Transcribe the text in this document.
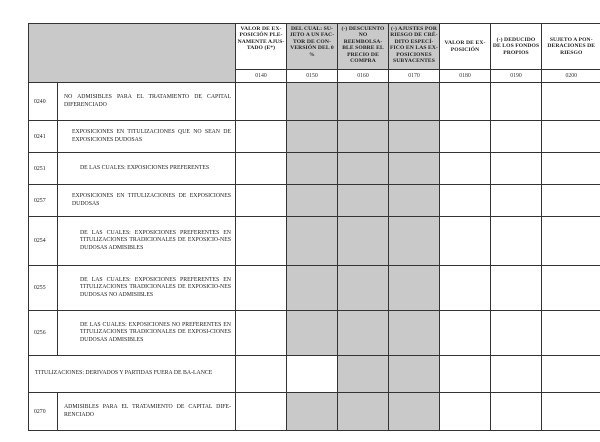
		VALOR DE EX-POSICIÓN PLE-NAMENTE AJUS-TADO (E*)	DEL CUAL: SU-JETO A UN FAC-TOR DE CON-VERSIÓN DEL 0 %	(-) DESCUENTO NO REEMBOLSA-BLE SOBRE EL PRECIO DE COMPRA	(-) AJUSTES POR RIESGO DE CRÉ-DITO ESPECÍ-FICO EN LAS EX-POSICIONES SUBYACENTES	VALOR DE EX-POSICIÓN	(-) DEDUCIDO DE LOS FONDOS PROPIOS	SUJETO A PON-DERACIONES DE RIESGO
		0140	0150	0160	0170	0180	0190	0200
0240	NO ADMISIBLES PARA EL TRATAMIENTO DE CAPITAL DIFERENCIADO							
0241	EXPOSICIONES EN TITULIZACIONES QUE NO SEAN DE EXPOSICIONES DUDOSAS							
0251	DE LAS CUALES: EXPOSICIONES PREFERENTES							
0257	EXPOSICIONES EN TITULIZACIONES DE EXPOSICIONES DUDOSAS							
0254	DE LAS CUALES: EXPOSICIONES PREFERENTES EN TITULIZACIONES TRADICIONALES DE EXPOSICIO-NES DUDOSAS ADMISIBLES							
0255	DE LAS CUALES: EXPOSICIONES PREFERENTES EN TITULIZACIONES TRADICIONALES DE EXPOSICIO-NES DUDOSAS NO ADMISIBLES							
0256	DE LAS CUALES: EXPOSICIONES NO PREFERENTES EN TITULIZACIONES TRADICIONALES DE EXPOSI-CIONES DUDOSAS ADMISIBLES							
TITULIZACIONES: DERIVADOS Y PARTIDAS FUERA DE BA-LANCE								
0270	ADMISIBLES PARA EL TRATAMIENTO DE CAPITAL DIFE-RENCIADO							
